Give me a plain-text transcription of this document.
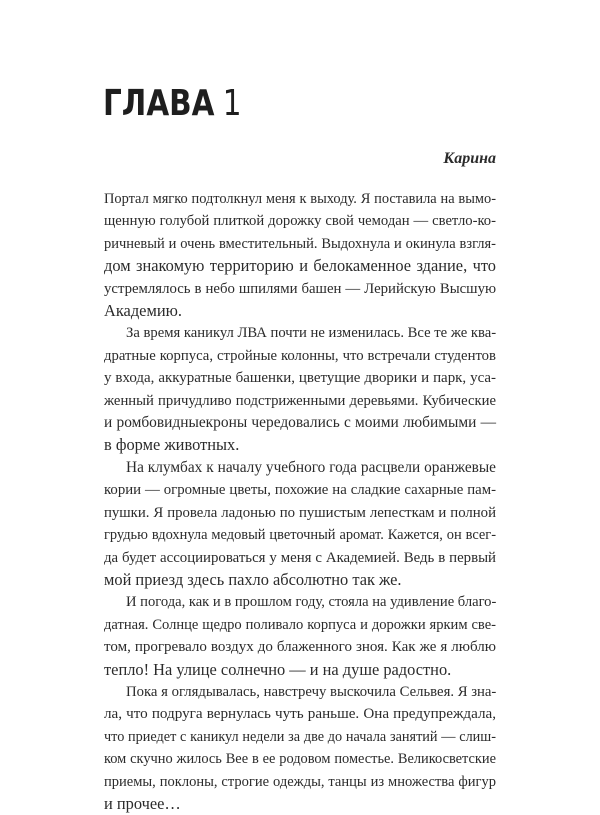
ГЛАВА 1
Карина

Портал мягко подтолкнул меня к выходу. Я поставила на вымо-
щенную голубой плиткой дорожку свой чемодан — светло-ко-
ричневый и очень вместительный. Выдохнула и окинула взгля-
дом знакомую территорию и белокаменное здание, что
устремлялось в небо шпилями башен — Лерийскую Высшую
Академию.

За время каникул ЛВА почти не изменилась. Все те же ква-
дратные корпуса, стройные колонны, что встречали студентов
у входа, аккуратные башенки, цветущие дворики и парк, уса-
женный причудливо подстриженными деревьями. Кубические
и ромбовидныекроны чередовались с моими любимыми —
в форме животных.

На клумбах к началу учебного года расцвели оранжевые
кории — огромные цветы, похожие на сладкие сахарные пам-
пушки. Я провела ладонью по пушистым лепесткам и полной
грудью вдохнула медовый цветочный аромат. Кажется, он всег-
да будет ассоциироваться у меня с Академией. Ведь в первый
мой приезд здесь пахло абсолютно так же.

И погода, как и в прошлом году, стояла на удивление благо-
датная. Солнце щедро поливало корпуса и дорожки ярким све-
том, прогревало воздух до блаженного зноя. Как же я люблю
тепло! На улице солнечно — и на душе радостно.

Пока я оглядывалась, навстречу выскочила Сельвея. Я зна-
ла, что подруга вернулась чуть раньше. Она предупреждала,
что приедет с каникул недели за две до начала занятий — слиш-
ком скучно жилось Вее в ее родовом поместье. Великосветские
приемы, поклоны, строгие одежды, танцы из множества фигур
и прочее…
